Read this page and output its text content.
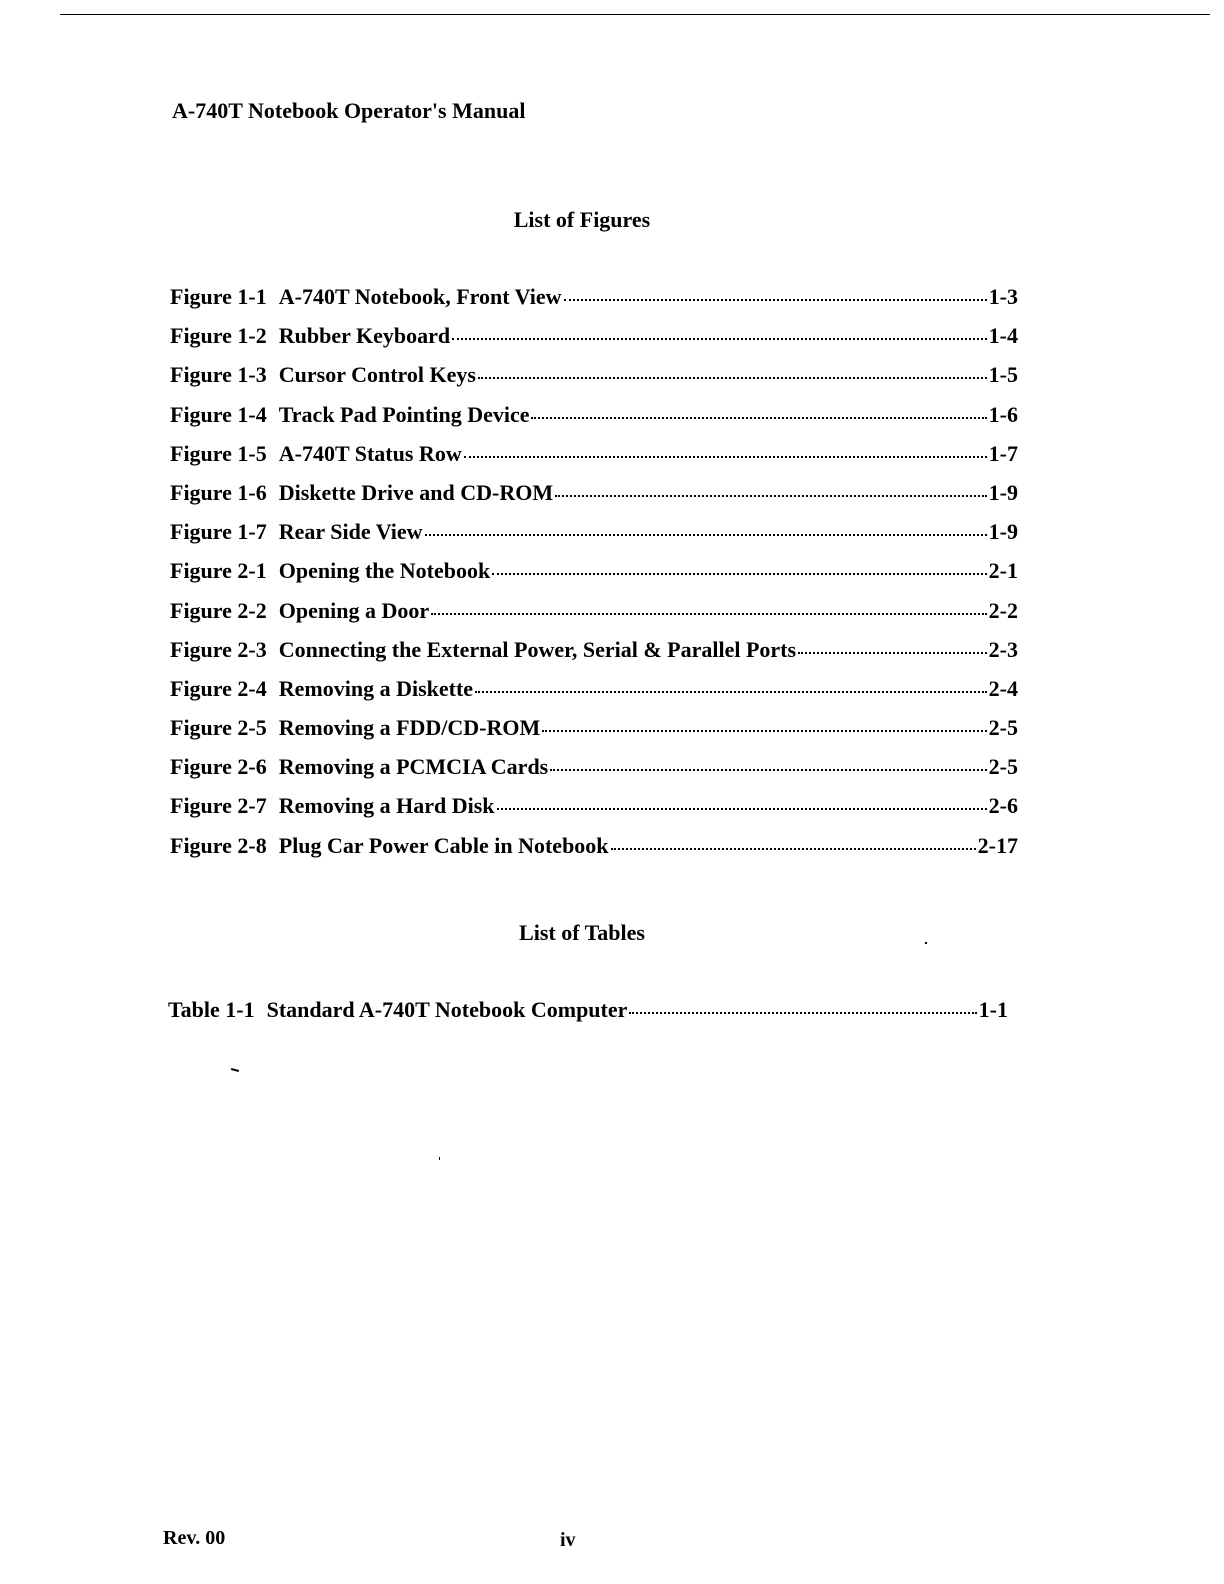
A-740T Notebook Operator's Manual
List of Figures
Figure 1-1 A-740T Notebook, Front View	1-3
Figure 1-2 Rubber Keyboard	1-4
Figure 1-3 Cursor Control Keys	1-5
Figure 1-4 Track Pad Pointing Device	1-6
Figure 1-5 A-740T Status Row	1-7
Figure 1-6 Diskette Drive and CD-ROM	1-9
Figure 1-7 Rear Side View	1-9
Figure 2-1 Opening the Notebook	2-1
Figure 2-2 Opening a Door	2-2
Figure 2-3 Connecting the External Power, Serial & Parallel Ports	2-3
Figure 2-4 Removing a Diskette	2-4
Figure 2-5 Removing a FDD/CD-ROM	2-5
Figure 2-6 Removing a PCMCIA Cards	2-5
Figure 2-7 Removing a Hard Disk	2-6
Figure 2-8 Plug Car Power Cable in Notebook	2-17
List of Tables
Table 1-1 Standard A-740T Notebook Computer	1-1
Rev. 00	iv
